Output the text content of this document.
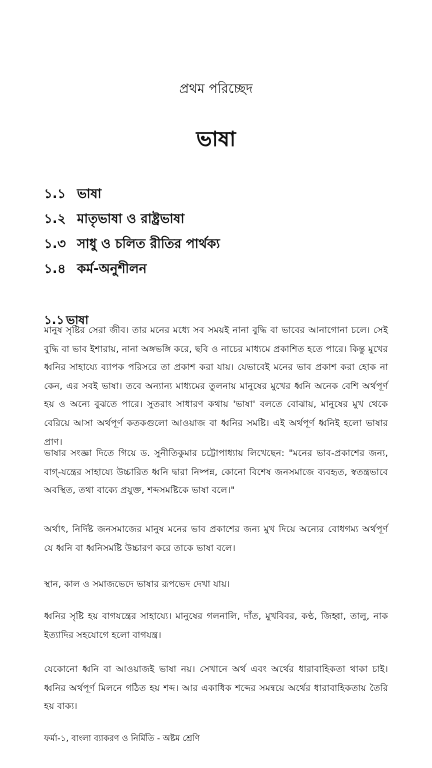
প্রথম পরিচ্ছেদ
ভাষা
১.১ ভাষা
১.২ মাতৃভাষা ও রাষ্ট্রভাষা
১.৩ সাধু ও চলিত রীতির পার্থক্য
১.৪ কর্ম-অনুশীলন
১.১ ভাষা

মানুষ সৃষ্টির সেরা জীব। তার মনের মধ্যে সব সময়ই নানা বুদ্ধি বা ভাবের আনাগোনা চলে। সেই বুদ্ধি বা ভাব ইশারায়, নানা অঙ্গভঙ্গি করে, ছবি ও নাচের মাধ্যমে প্রকাশিত হতে পারে। কিন্তু মুখের ধ্বনির সাহায্যে ব্যাপক পরিসরে তা প্রকাশ করা যায়। যেভাবেই মনের ভাব প্রকাশ করা হোক না কেন, এর সবই ভাষা। তবে অন্যান্য মাধ্যমের তুলনায় মানুষের মুখের ধ্বনি অনেক বেশি অর্থপূর্ণ হয় ও অন্যে বুঝতে পারে। সুতরাং সাধারণ কথায় 'ভাষা' বলতে বোঝায়, মানুষের মুখ থেকে বেরিয়ে আসা অর্থপূর্ণ কতকগুলো আওয়াজ বা ধ্বনির সমষ্টি। এই অর্থপূর্ণ ধ্বনিই হলো ভাষার প্রাণ।

ভাষার সংজ্ঞা দিতে গিয়ে ড. সুনীতিকুমার চট্টোপাধ্যায় লিখেছেন: "মনের ভাব-প্রকাশের জন্য, বাগ্-যন্ত্রের সাহায্যে উচ্চারিত ধ্বনি দ্বারা নিষ্পন্ন, কোনো বিশেষ জনসমাজে ব্যবহৃত, স্বতন্ত্রভাবে অবস্থিত, তথা বাক্যে প্রযুক্ত, শব্দসমষ্টিকে ভাষা বলে।"

অর্থাৎ, নির্দিষ্ট জনসমাজের মানুষ মনের ভাব প্রকাশের জন্য মুখ দিয়ে অন্যের বোধগম্য অর্থপূর্ণ যে ধ্বনি বা ধ্বনিসমষ্টি উচ্চারণ করে তাকে ভাষা বলে।

স্থান, কাল ও সমাজভেদে ভাষার রূপভেদ দেখা যায়।

ধ্বনির সৃষ্টি হয় বাগযন্ত্রের সাহায্যে। মানুষের গলনালি, দাঁত, মুখবিবর, কণ্ঠ, জিহ্বা, তালু, নাক ইত্যাদির সহযোগে হলো বাগযন্ত্র।

যেকোনো ধ্বনি বা আওয়াজই ভাষা নয়। সেখানে অর্থ এবং অর্থের ধারাবাহিকতা থাকা চাই। ধ্বনির অর্থপূর্ণ মিলনে গঠিত হয় শব্দ। আর একাধিক শব্দের সমন্বয়ে অর্থের ধারাবাহিকতায় তৈরি হয় বাক্য।

ফর্মা-১, বাংলা ব্যাকরণ ও নির্মিতি - অষ্টম শ্রেণি
